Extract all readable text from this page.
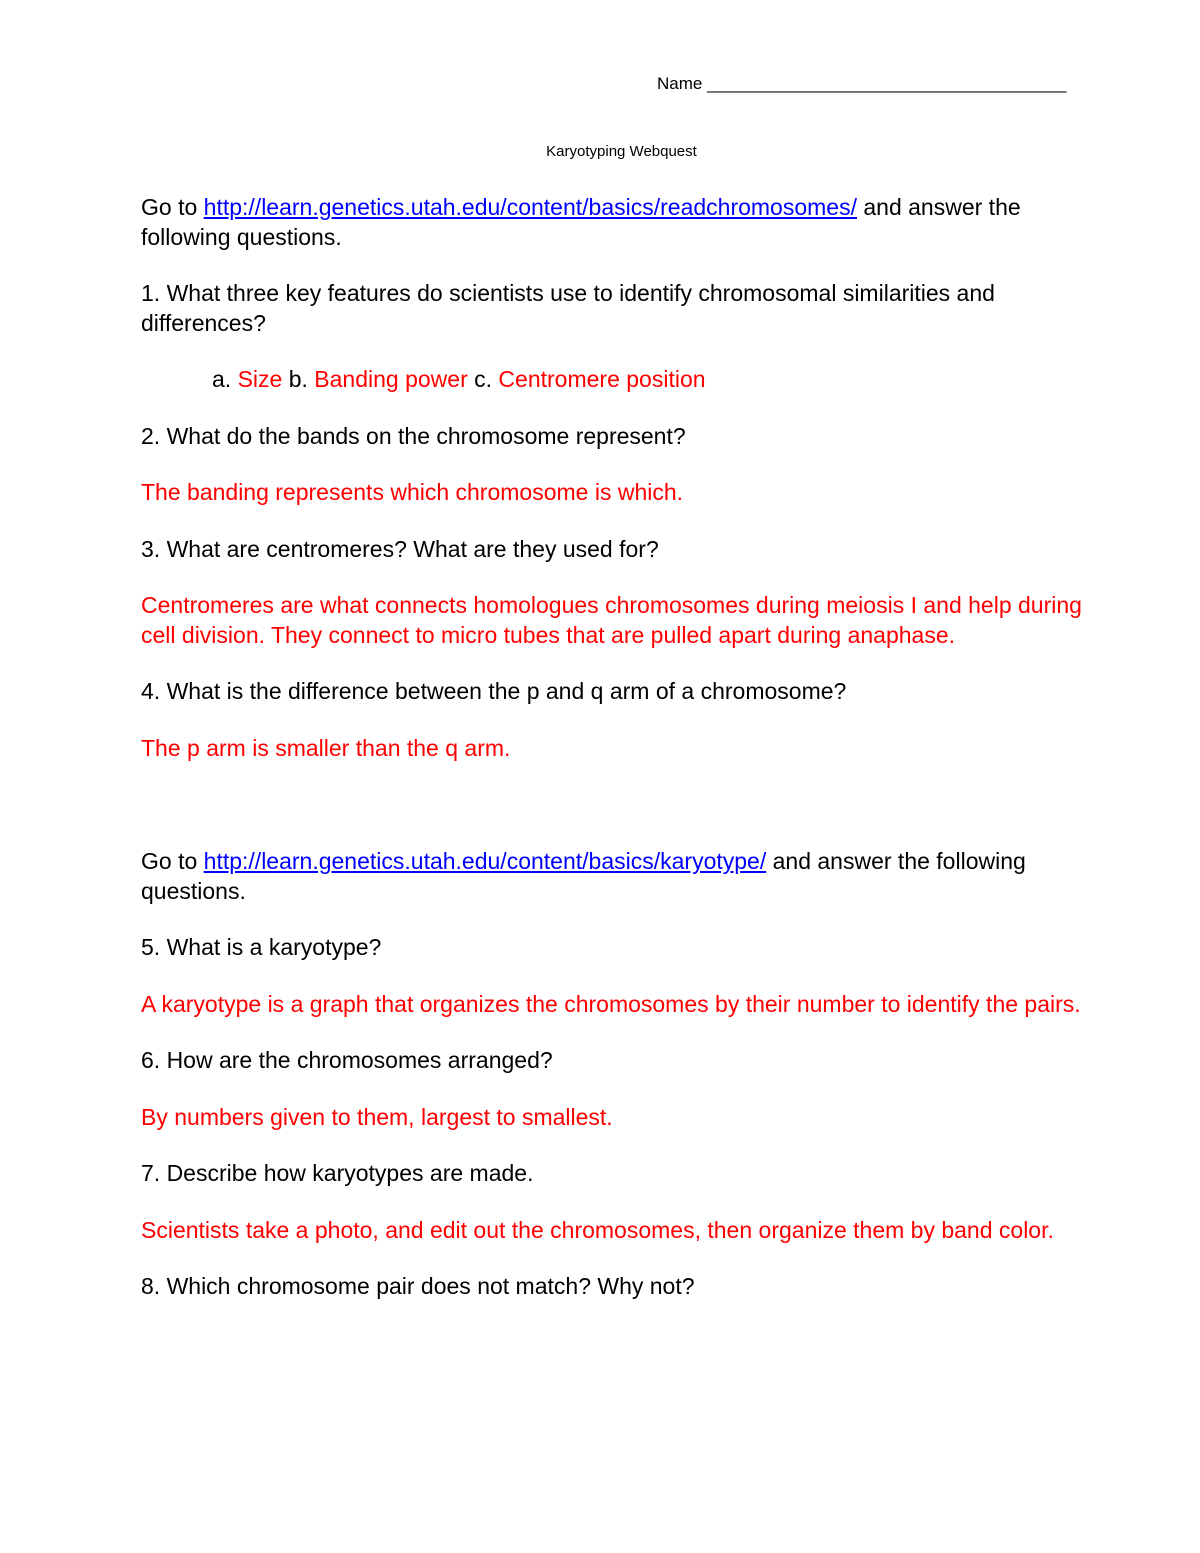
Name ______________________________________
Karyotyping Webquest

Go to http://learn.genetics.utah.edu/content/basics/readchromosomes/ and answer the following questions.

1. What three key features do scientists use to identify chromosomal similarities and differences?

a. Size b. Banding power c. Centromere position

2. What do the bands on the chromosome represent?

The banding represents which chromosome is which.

3. What are centromeres? What are they used for?

Centromeres are what connects homologues chromosomes during meiosis I and help during cell division. They connect to micro tubes that are pulled apart during anaphase.

4. What is the difference between the p and q arm of a chromosome?

The p arm is smaller than the q arm.

Go to http://learn.genetics.utah.edu/content/basics/karyotype/ and answer the following questions.

5. What is a karyotype?

A karyotype is a graph that organizes the chromosomes by their number to identify the pairs.

6. How are the chromosomes arranged?

By numbers given to them, largest to smallest.

7. Describe how karyotypes are made.

Scientists take a photo, and edit out the chromosomes, then organize them by band color.

8. Which chromosome pair does not match? Why not?
